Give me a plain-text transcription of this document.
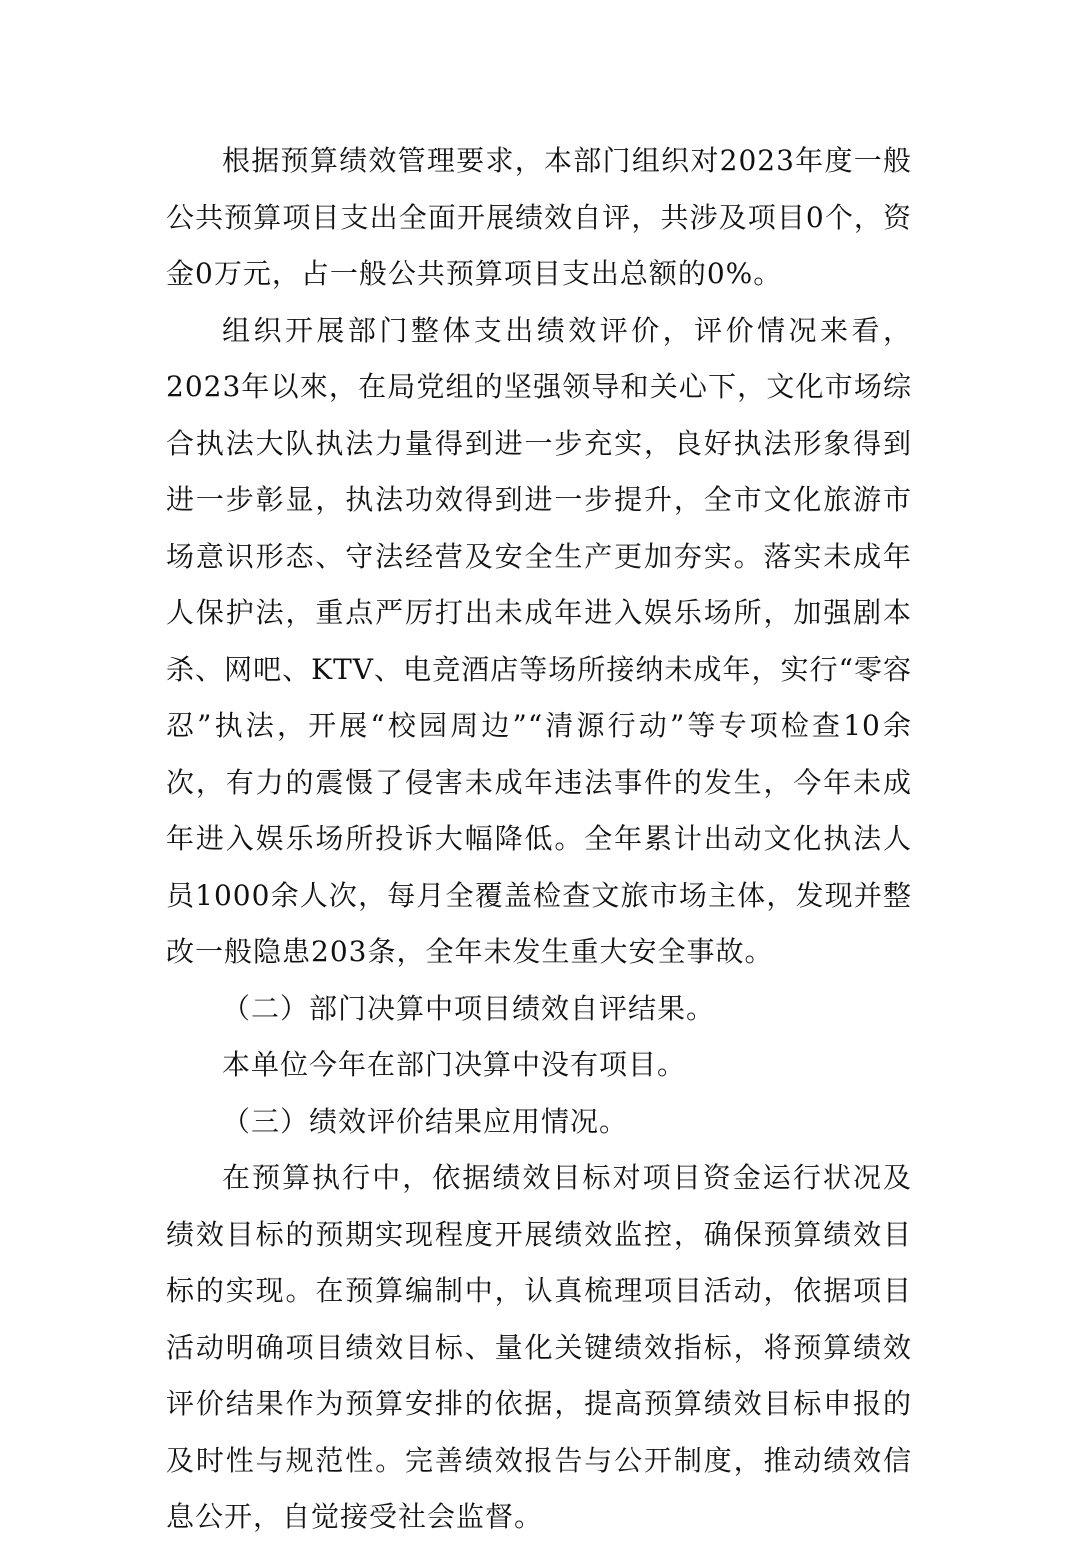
根据预算绩效管理要求，本部门组织对2023年度一般公共预算项目支出全面开展绩效自评，共涉及项目0个，资金0万元，占一般公共预算项目支出总额的0%。

组织开展部门整体支出绩效评价，评价情况来看，2023年以來，在局党组的坚强领导和关心下，文化市场综合执法大队执法力量得到进一步充实，良好执法形象得到进一步彰显，执法功效得到进一步提升，全市文化旅游市场意识形态、守法经营及安全生产更加夯实。落实未成年人保护法，重点严厉打出未成年进入娱乐场所，加强剧本杀、网吧、KTV、电竞酒店等场所接纳未成年，实行“零容忍”执法，开展“校园周边”“清源行动”等专项检查10余次，有力的震慑了侵害未成年违法事件的发生，今年未成年进入娱乐场所投诉大幅降低。全年累计出动文化执法人员1000余人次，每月全覆盖检查文旅市场主体，发现并整改一般隐患203条，全年未发生重大安全事故。

（二）部门决算中项目绩效自评结果。

本单位今年在部门决算中没有项目。

（三）绩效评价结果应用情况。

在预算执行中，依据绩效目标对项目资金运行状况及绩效目标的预期实现程度开展绩效监控，确保预算绩效目标的实现。在预算编制中，认真梳理项目活动，依据项目活动明确项目绩效目标、量化关键绩效指标，将预算绩效评价结果作为预算安排的依据，提高预算绩效目标申报的及时性与规范性。完善绩效报告与公开制度，推动绩效信息公开，自觉接受社会监督。
